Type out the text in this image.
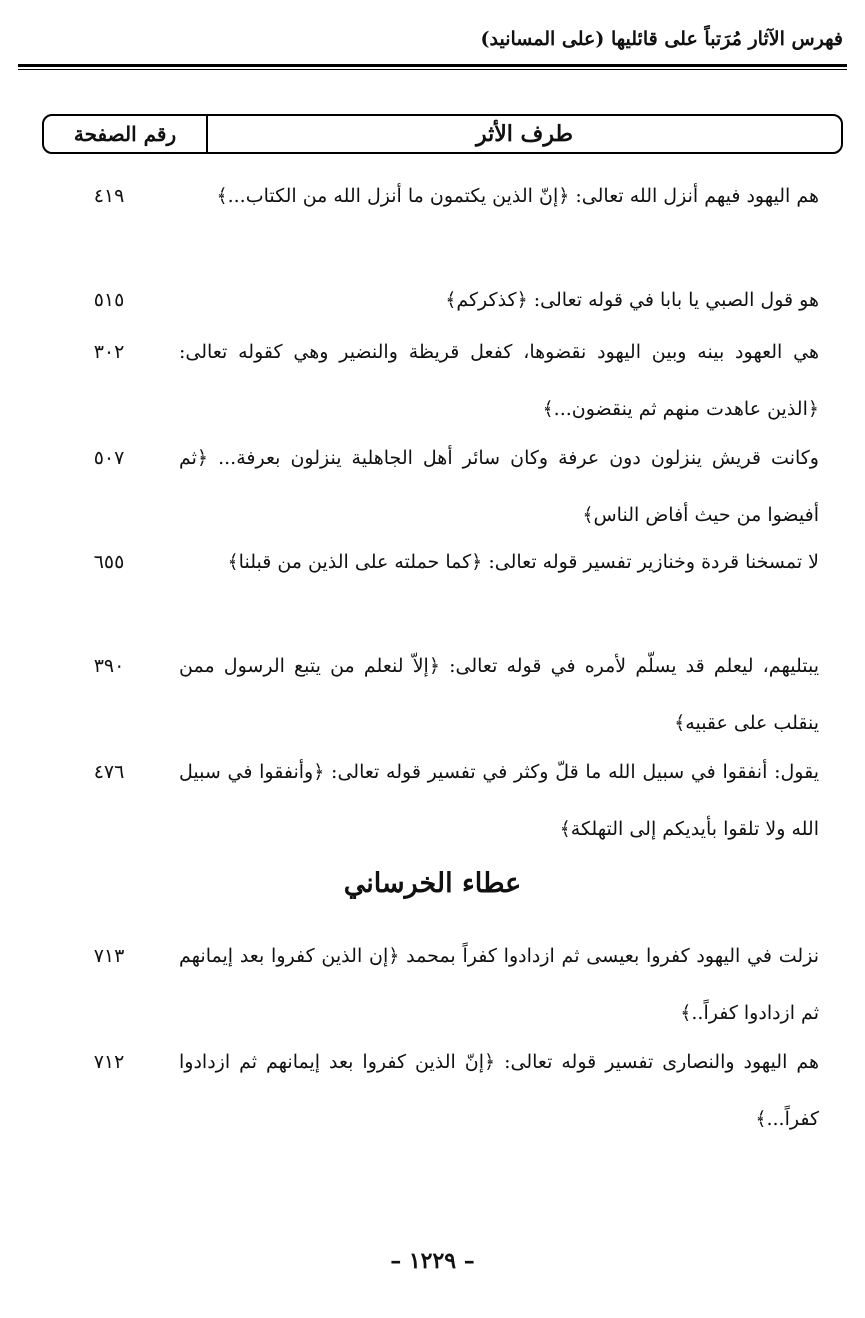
فهرس الآثار مُرَتباً على قائليها (على المسانيد)
طرف الأثر
رقم الصفحة
هم اليهود فيهم أنزل الله تعالى: ﴿إنّ الذين يكتمون ما أنزل الله من الكتاب...﴾
٤١٩
هو قول الصبي يا بابا في قوله تعالى: ﴿كذكركم﴾
٥١٥
هي العهود بينه وبين اليهود نقضوها، كفعل قريظة والنضير وهي كقوله تعالى: ﴿الذين عاهدت منهم ثم ينقضون...﴾
٣٠٢
وكانت قريش ينزلون دون عرفة وكان سائر أهل الجاهلية ينزلون بعرفة... ﴿ثم أفيضوا من حيث أفاض الناس﴾
٥٠٧
لا تمسخنا قردة وخنازير تفسير قوله تعالى: ﴿كما حملته على الذين من قبلنا﴾
٦٥٥
يبتليهم، ليعلم قد يسلّم لأمره في قوله تعالى: ﴿إلاّ لنعلم من يتبع الرسول ممن ينقلب على عقبيه﴾
٣٩٠
يقول: أنفقوا في سبيل الله ما قلّ وكثر في تفسير قوله تعالى: ﴿وأنفقوا في سبيل الله ولا تلقوا بأيديكم إلى التهلكة﴾
٤٧٦
عطاء الخرساني
نزلت في اليهود كفروا بعيسى ثم ازدادوا كفراً بمحمد ﴿إن الذين كفروا بعد إيمانهم ثم ازدادوا كفراً..﴾
٧١٣
هم اليهود والنصارى تفسير قوله تعالى: ﴿إنّ الذين كفروا بعد إيمانهم ثم ازدادوا كفراً...﴾
٧١٢
– ١٢٢٩ –
